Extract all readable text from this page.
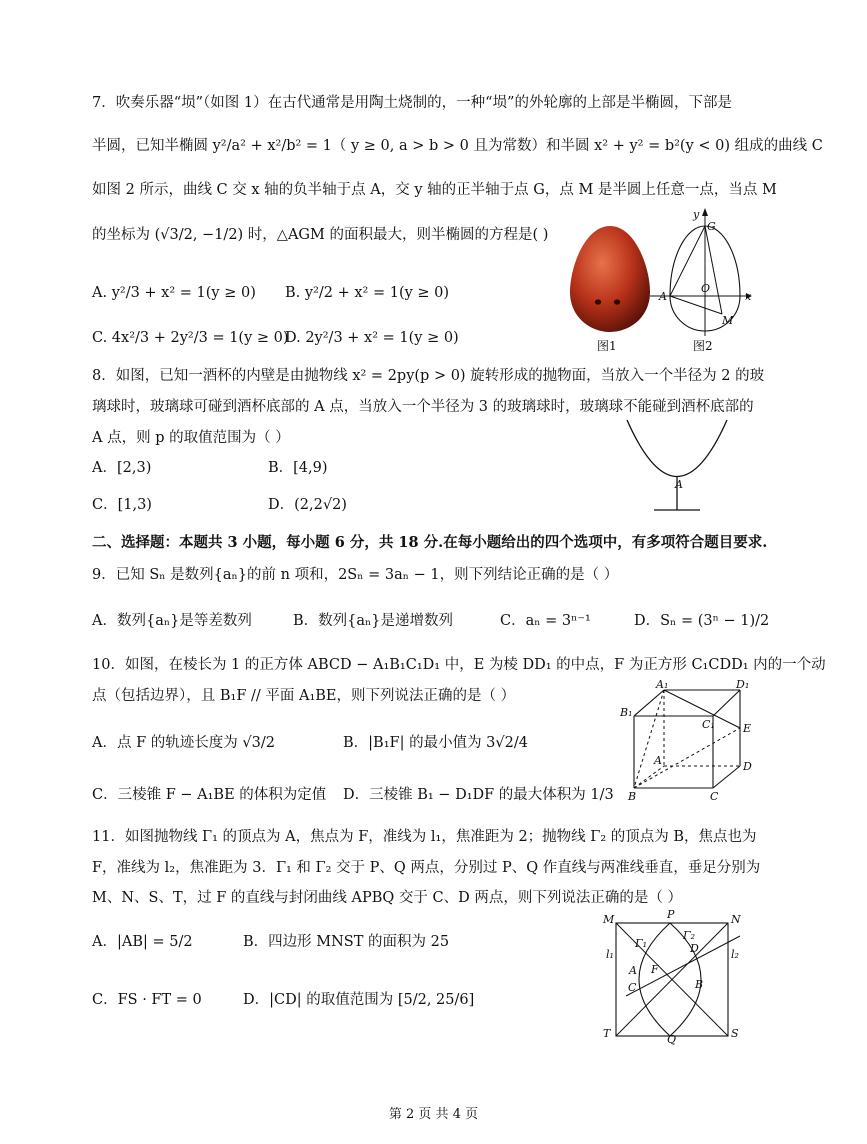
7．吹奏乐器“埙”（如图 1）在古代通常是用陶土烧制的，一种“埙”的外轮廓的上部是半椭圆，下部是
半圆，已知半椭圆 y²/a² + x²/b² = 1（ y ≥ 0, a > b > 0 且为常数）和半圆 x² + y² = b²(y < 0) 组成的曲线 C
如图 2 所示，曲线 C 交 x 轴的负半轴于点 A，交 y 轴的正半轴于点 G，点 M 是半圆上任意一点，当点 M
的坐标为 (√3/2, −1/2) 时，△AGM 的面积最大，则半椭圆的方程是( )
A. y²/3 + x² = 1(y ≥ 0) B. y²/2 + x² = 1(y ≥ 0)
C. 4x²/3 + 2y²/3 = 1(y ≥ 0)
D. 2y²/3 + x² = 1(y ≥ 0)	图1
y
G
A
O
x
M
图2
8．如图，已知一酒杯的内壁是由抛物线 x² = 2py(p > 0) 旋转形成的抛物面，当放入一个半径为 2 的玻
璃球时，玻璃球可碰到酒杯底部的 A 点，当放入一个半径为 3 的玻璃球时，玻璃球不能碰到酒杯底部的
A 点，则 p 的取值范围为（ ）
A．[2,3)	B．[4,9)
C．[1,3)	D．(2,2√2)
A
二、选择题：本题共 3 小题，每小题 6 分，共 18 分.在每小题给出的四个选项中，有多项符合题目要求.
9．已知 Sₙ 是数列{aₙ}的前 n 项和，2Sₙ = 3aₙ − 1，则下列结论正确的是（ ）
A．数列{aₙ}是等差数列	B．数列{aₙ}是递增数列	C．aₙ = 3ⁿ⁻¹	D．Sₙ = (3ⁿ − 1)/2
10．如图，在棱长为 1 的正方体 ABCD − A₁B₁C₁D₁ 中，E 为棱 DD₁ 的中点，F 为正方形 C₁CDD₁ 内的一个动
点（包括边界），且 B₁F // 平面 A₁BE，则下列说法正确的是（ ）
A．点 F 的轨迹长度为 √3/2	B．|B₁F| 的最小值为 3√2/4
C．三棱锥 F − A₁BE 的体积为定值 D．三棱锥 B₁ − D₁DF 的最大体积为 1/3
A₁	D₁
B₁
C₁	E
A	D
B	C
11．如图抛物线 Γ₁ 的顶点为 A，焦点为 F，准线为 l₁，焦准距为 2；抛物线 Γ₂ 的顶点为 B，焦点也为
F，准线为 l₂，焦准距为 3．Γ₁ 和 Γ₂ 交于 P、Q 两点，分别过 P、Q 作直线与两准线垂直，垂足分别为
M、N、S、T，过 F 的直线与封闭曲线 APBQ 交于 C、D 两点，则下列说法正确的是（ ）
A．|AB| = 5/2	B．四边形 MNST 的面积为 25
C．FS · FT = 0	D．|CD| 的取值范围为 [5/2, 25/6]
M	P	N
Γ₁
Γ₂
D
l₁	l₂
A F
C	B
T	Q	S
第 2 页 共 4 页
